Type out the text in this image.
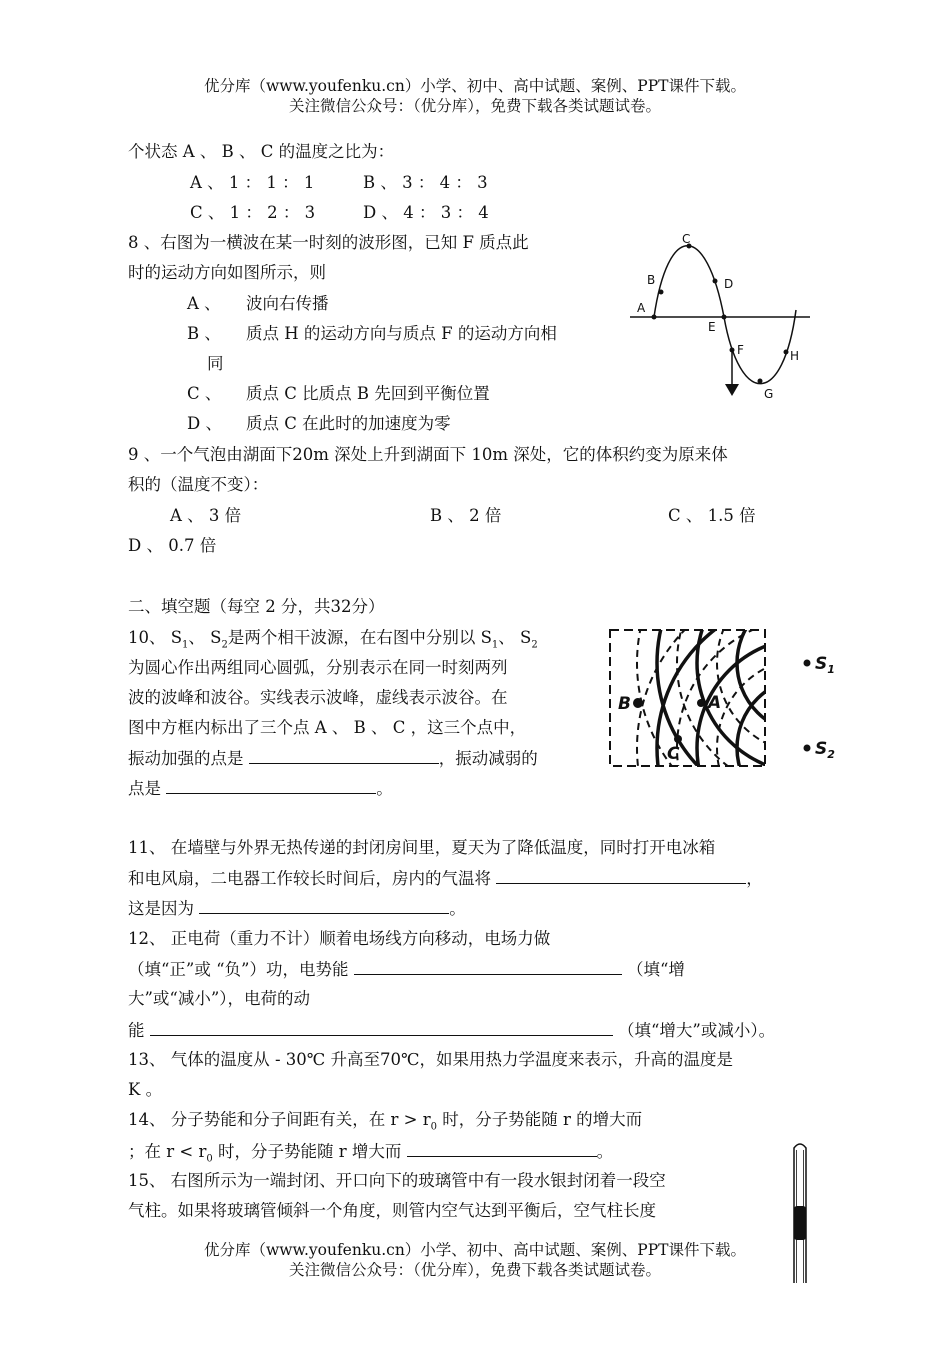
优分库（www.youfenku.cn）小学、初中、高中试题、案例、PPT课件下载。
关注微信公众号：（优分库），免费下载各类试题试卷。
个状态 A 、 B 、 C 的温度之比为：
A 、 1 ： 1 ： 1	B 、 3 ： 4 ： 3
C 、 1 ： 2 ： 3	D 、 4 ： 3 ： 4
8 、右图为一横波在某一时刻的波形图，已知 F 质点此
时的运动方向如图所示，则
A 、 波向右传播
B 、 质点 H 的运动方向与质点 F 的运动方向相
同
C 、 质点 C 比质点 B 先回到平衡位置
D 、 质点 C 在此时的加速度为零
A
B
C
D
E
F
G
H
9 、一个气泡由湖面下20m 深处上升到湖面下 10m 深处，它的体积约变为原来体
积的（温度不变）：
A 、 3 倍	B 、 2 倍	C 、 1.5 倍
D 、 0.7 倍
二、填空题（每空 2 分，共32分）
10、 $S_1$、 $S_2$是两个相干波源，在右图中分别以 $S_1$、 $S_2$
为圆心作出两组同心圆弧，分别表示在同一时刻两列
波的波峰和波谷。实线表示波峰，虚线表示波谷。在
图中方框内标出了三个点 A 、 B 、 C ，这三个点中，
振动加强的点是	，振动减弱的
点是	。
B	A
C
$S_1$
$S_2$
11、 在墙壁与外界无热传递的封闭房间里，夏天为了降低温度，同时打开电冰箱
和电风扇，二电器工作较长时间后，房内的气温将	，
这是因为	。
12、 正电荷（重力不计）顺着电场线方向移动，电场力做
（填“正”或 “负”）功，电势能	（填“增
大”或“减小”），电荷的动
能	（填“增大”或减小）。
13、 气体的温度从 - 30℃ 升高至70℃，如果用热力学温度来表示，升高的温度是
K 。
14、 分子势能和分子间距有关，在 $r > r_0$ 时，分子势能随 r 的增大而
；在 $r < r_0$ 时，分子势能随 r 增大而	。
15、 右图所示为一端封闭、开口向下的玻璃管中有一段水银封闭着一段空
气柱。如果将玻璃管倾斜一个角度，则管内空气达到平衡后，空气柱长度
优分库（www.youfenku.cn）小学、初中、高中试题、案例、PPT课件下载。
关注微信公众号：（优分库），免费下载各类试题试卷。
